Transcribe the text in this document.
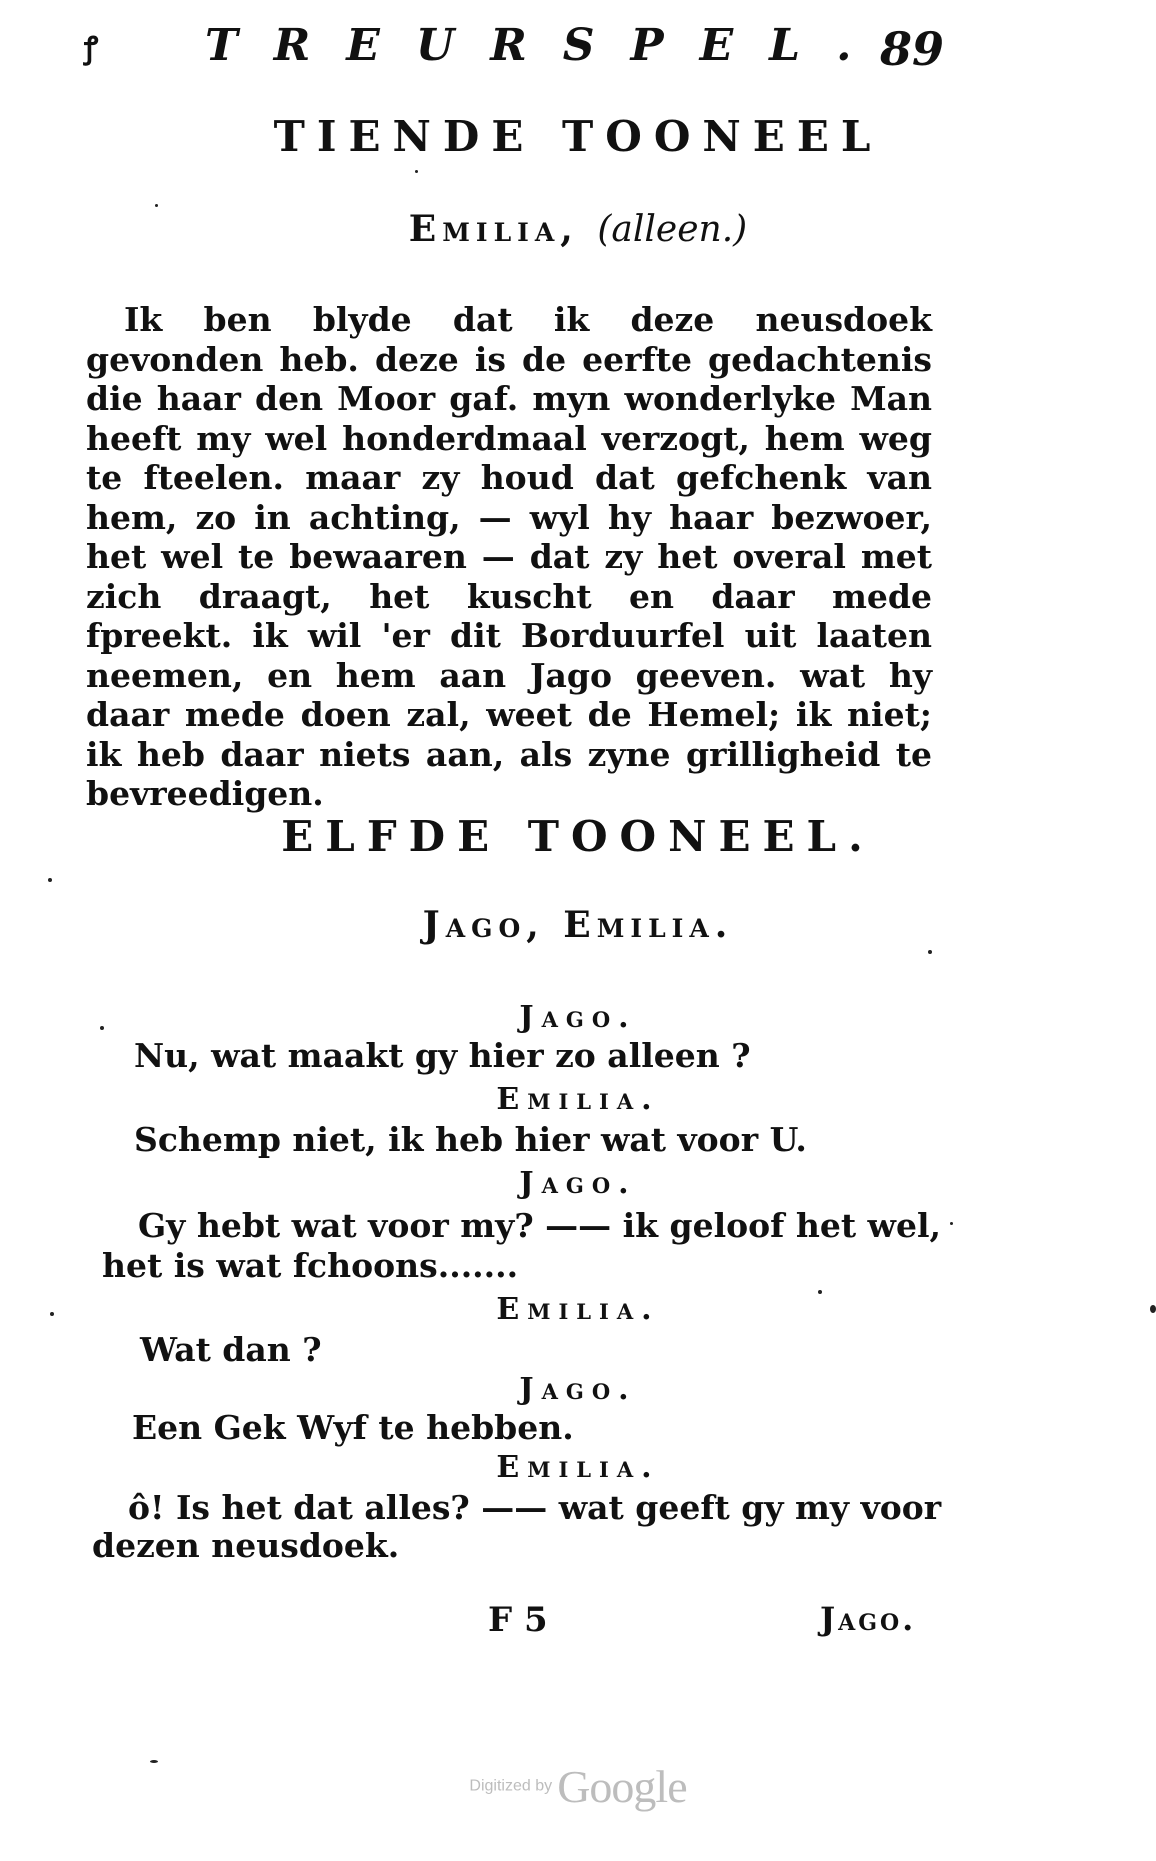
ꝭ TREURSPEL.
89
TIENDE TOONEEL
Emilia, (alleen.)

Ik ben blyde dat ik deze neusdoek gevonden heb. deze is de eerfte gedachtenis die haar den Moor gaf. myn wonderlyke Man heeft my wel honderdmaal verzogt, hem weg te fteelen. maar zy houd dat gefchenk van hem, zo in achting, — wyl hy haar bezwoer, het wel te bewaaren — dat zy het overal met zich draagt, het kuscht en daar mede fpreekt. ik wil 'er dit Borduurfel uit laaten neemen, en hem aan Jago geeven. wat hy daar mede doen zal, weet de Hemel; ik niet; ik heb daar niets aan, als zyne grilligheid te bevreedigen.

ELFDE TOONEEL.
Jago, Emilia.
Jago.
Nu, wat maakt gy hier zo alleen ?
Emilia.
Schemp niet, ik heb hier wat voor U.
Jago.
Gy hebt wat voor my? —— ik geloof het wel,
het is wat fchoons.......
Emilia.
Wat dan ?
Jago.
Een Gek Wyf te hebben.
Emilia.
ô! Is het dat alles? —— wat geeft gy my voor
dezen neusdoek.
F 5	Jago.
Digitized by Google
